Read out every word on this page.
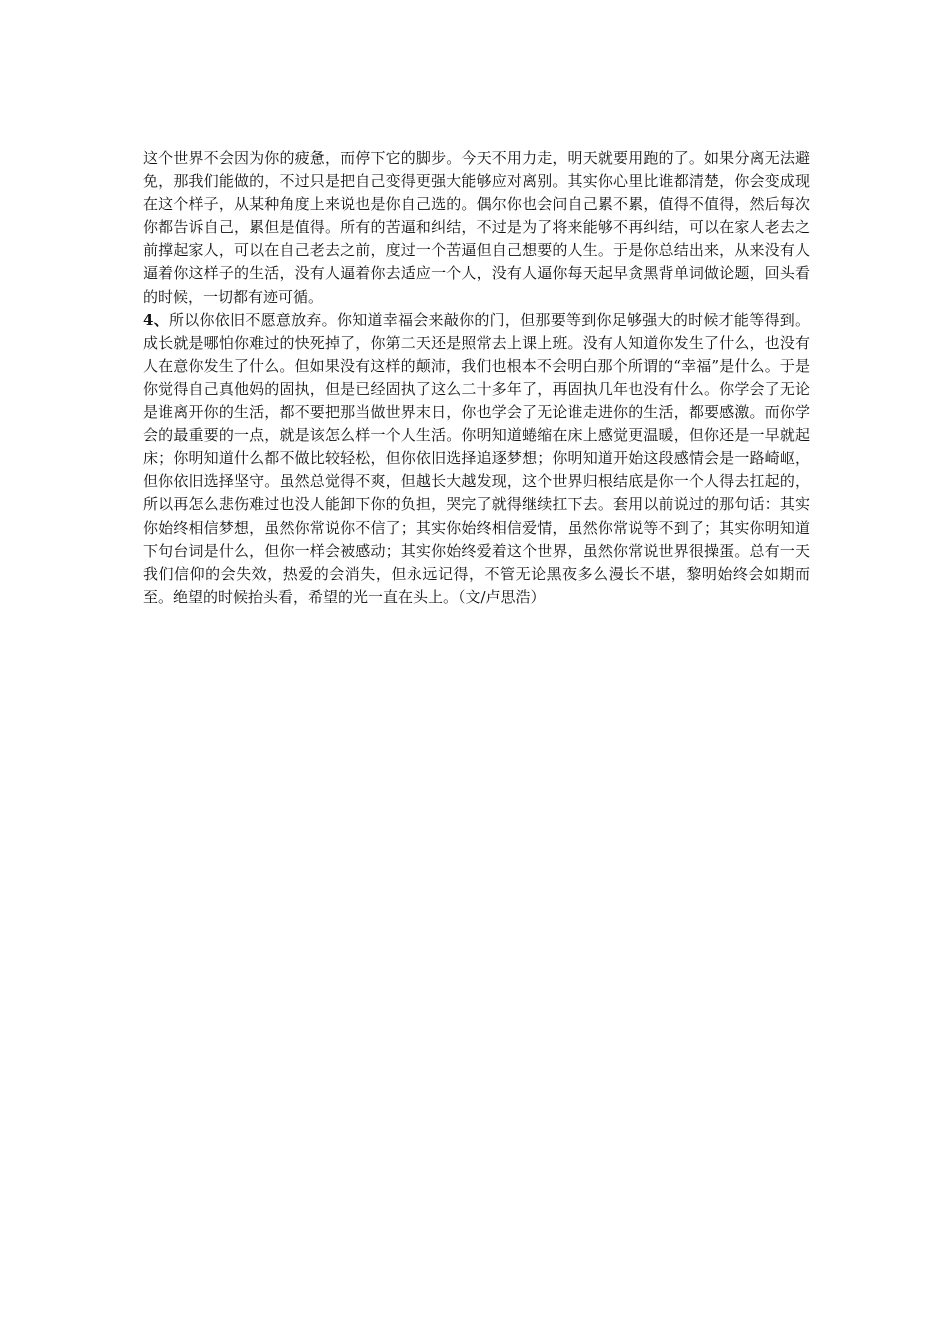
这个世界不会因为你的疲惫，而停下它的脚步。今天不用力走，明天就要用跑的了。如果分离无法避免，那我们能做的，不过只是把自己变得更强大能够应对离别。其实你心里比谁都清楚，你会变成现在这个样子，从某种角度上来说也是你自己选的。偶尔你也会问自己累不累，值得不值得，然后每次你都告诉自己，累但是值得。所有的苦逼和纠结，不过是为了将来能够不再纠结，可以在家人老去之前撑起家人，可以在自己老去之前，度过一个苦逼但自己想要的人生。于是你总结出来，从来没有人逼着你这样子的生活，没有人逼着你去适应一个人，没有人逼你每天起早贪黑背单词做论题，回头看的时候，一切都有迹可循。

4、所以你依旧不愿意放弃。你知道幸福会来敲你的门，但那要等到你足够强大的时候才能等得到。成长就是哪怕你难过的快死掉了，你第二天还是照常去上课上班。没有人知道你发生了什么，也没有人在意你发生了什么。但如果没有这样的颠沛，我们也根本不会明白那个所谓的“幸福”是什么。于是你觉得自己真他妈的固执，但是已经固执了这么二十多年了，再固执几年也没有什么。你学会了无论是谁离开你的生活，都不要把那当做世界末日，你也学会了无论谁走进你的生活，都要感激。而你学会的最重要的一点，就是该怎么样一个人生活。你明知道蜷缩在床上感觉更温暖，但你还是一早就起床；你明知道什么都不做比较轻松，但你依旧选择追逐梦想；你明知道开始这段感情会是一路崎岖，但你依旧选择坚守。虽然总觉得不爽，但越长大越发现，这个世界归根结底是你一个人得去扛起的，所以再怎么悲伤难过也没人能卸下你的负担，哭完了就得继续扛下去。套用以前说过的那句话：其实你始终相信梦想，虽然你常说你不信了；其实你始终相信爱情，虽然你常说等不到了；其实你明知道下句台词是什么，但你一样会被感动；其实你始终爱着这个世界，虽然你常说世界很操蛋。总有一天我们信仰的会失效，热爱的会消失，但永远记得，不管无论黑夜多么漫长不堪，黎明始终会如期而至。绝望的时候抬头看，希望的光一直在头上。（文/卢思浩）
